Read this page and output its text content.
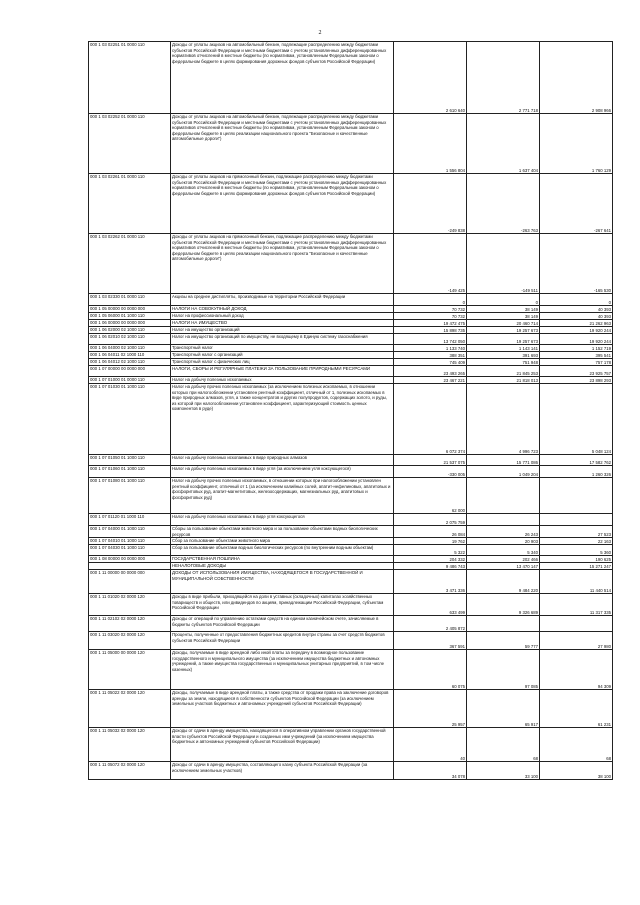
2
000 1 03 02251 01 0000 110	Доходы от уплаты акцизов на автомобильный бензин, подлежащие распределению между бюджетами субъектов Российской Федерации и местными бюджетами с учетом установленных дифференцированных нормативов отчислений в местные бюджеты (по нормативам, установленным Федеральным законом о федеральном бюджете в целях формирования дорожных фондов субъектов Российской Федерации)	2 610 640	2 771 718	2 908 966
000 1 03 02252 01 0000 110	Доходы от уплаты акцизов на автомобильный бензин, подлежащие распределению между бюджетами субъектов Российской Федерации и местными бюджетами с учетом установленных дифференцированных нормативов отчислений в местные бюджеты (по нормативам, установленным Федеральным законом о федеральном бюджете в целях реализации национального проекта "Безопасные и качественные автомобильные дороги")	1 556 804	1 637 404	1 760 129
000 1 03 02261 01 0000 110	Доходы от уплаты акцизов на прямогонный бензин, подлежащие распределению между бюджетами субъектов Российской Федерации и местными бюджетами с учетом установленных дифференцированных нормативов отчислений в местные бюджеты (по нормативам, установленным Федеральным законом о федеральном бюджете в целях формирования дорожных фондов субъектов Российской Федерации)	-249 838	-263 763	-267 641
000 1 03 02262 01 0000 110	Доходы от уплаты акцизов на прямогонный бензин, подлежащие распределению между бюджетами субъектов Российской Федерации и местными бюджетами с учетом установленных дифференцированных нормативов отчислений в местные бюджеты (по нормативам, установленным Федеральным законом о федеральном бюджете в целях реализации национального проекта "Безопасные и качественные автомобильные дороги")	-149 425	-149 511	-165 530
000 1 03 02330 01 0000 110	Акцизы на среднее дистилляты, производимые на территории Российской Федерации	0	0	0
000 1 05 00000 00 0000 000	НАЛОГИ НА СОВОКУПНЫЙ ДОХОД	70 732	38 149	40 393
000 1 05 06000 01 1000 110	Налог на профессиональный доход	70 732	38 149	40 393
000 1 06 00000 00 0000 000	НАЛОГИ НА ИМУЩЕСТВО	19 472 475	20 460 714	21 262 963
000 1 06 02000 02 1000 110	Налог на имущество организаций	15 898 735	19 257 673	19 920 244
000 1 06 02010 02 1000 110	Налог на имущество организаций по имуществу, не входящему в Единую систему газоснабжения	13 742 050	19 257 673	19 920 244
000 1 06 04000 02 1000 110	Транспортный налог	1 133 740	1 143 141	1 152 719
000 1 06 04011 02 1000 110	Транспортный налог с организаций	388 351	391 693	395 541
000 1 06 04012 02 1000 110	Транспортный налог с физических лиц	745 409	751 948	757 178
000 1 07 00000 00 0000 000	НАЛОГИ, СБОРЫ И РЕГУЛЯРНЫЕ ПЛАТЕЖИ ЗА ПОЛЬЗОВАНИЕ ПРИРОДНЫМИ РЕСУРСАМИ	23 493 265	21 845 253	23 925 757
000 1 07 01000 01 0000 110	Налог на добычу полезных ископаемых	23 467 221	21 818 013	23 898 293
000 1 07 01030 01 1000 110	Налог на добычу прочих полезных ископаемых (за исключением полезных ископаемых, в отношении которых при налогообложении установлен рентный коэффициент, отличный от 1, полезных ископаемых в виде природных алмазов, угля, а также концентратов и других полупродуктов, содержащих золото, и руды, из которой при налогообложении установлен коэффициент, характеризующий стоимость ценных компонентов в руде)	6 072 374	4 996 723	5 048 124
000 1 07 01050 01 1000 110	Налог на добычу полезных ископаемых в виде природных алмазов	21 537 075	15 771 086	17 582 762
000 1 07 01060 01 1000 110	Налог на добычу полезных ископаемых в виде угля (за исключением угля коксующегося)	-330 005	1 049 204	1 260 326
000 1 07 01080 01 1000 110	Налог на добычу прочих полезных ископаемых, в отношении которых при налогообложении установлен рентный коэффициент, отличный от 1 (за исключением калийных солей, апатит-нефелиновых, апатитовых и фосфоритовых руд, апатит-магнетитовых, железосодержащих, магнезиальных руд, апатитовых и фосфоритовых руд)	62 000		
000 1 07 01120 01 1000 110	Налог на добычу полезных ископаемых в виде угля коксующегося	2 075 759		
000 1 07 04000 01 1000 110	Сборы за пользование объектами животного мира и за пользование объектами водных биологических ресурсов	26 084	26 243	27 523
000 1 07 04010 01 1000 110	Сбор за пользование объектами животного мира	19 762	20 903	22 163
000 1 07 04030 01 1000 110	Сбор за пользование объектами водных биологических ресурсов (по внутренним водным объектам)	5 322	5 340	5 360
000 1 08 00000 00 0000 000	ГОСУДАРСТВЕННАЯ ПОШЛИНА	204 332	202 466	190 625
	НЕНАЛОГОВЫЕ ДОХОДЫ	9 486 743	13 470 147	15 271 247
000 1 11 00000 00 0000 000	ДОХОДЫ ОТ ИСПОЛЬЗОВАНИЯ ИМУЩЕСТВА, НАХОДЯЩЕГОСЯ В ГОСУДАРСТВЕННОЙ И МУНИЦИПАЛЬНОЙ СОБСТВЕННОСТИ	3 471 336	9 484 220	11 440 514
000 1 11 01020 02 0000 120	Доходы в виде прибыли, приходящейся на доли в уставных (складочных) капиталах хозяйственных товариществ и обществ, или дивидендов по акциям, принадлежащим Российской Федерации, субъектам Российской Федерации	633 499	9 326 689	11 317 335
000 1 11 02102 02 0000 120	Доходы от операций по управлению остатками средств на едином казначейском счете, зачисляемые в бюджеты субъектов Российской Федерации	2 405 872		
000 1 11 03020 02 0000 120	Проценты, полученные от предоставления бюджетных кредитов внутри страны за счет средств бюджетов субъектов Российской Федерации	367 591	59 777	27 980
000 1 11 05000 00 0000 120	Доходы, получаемые в виде арендной либо иной платы за передачу в возмездное пользование государственного и муниципального имущества (за исключением имущества бюджетных и автономных учреждений, а также имущества государственных и муниципальных унитарных предприятий, в том числе казенных)	60 075	97 085	94 309
000 1 11 05022 02 0000 120	Доходы, получаемые в виде арендной платы, а также средства от продажи права на заключение договоров аренды за земли, находящиеся в собственности субъектов Российской Федерации (за исключением земельных участков бюджетных и автономных учреждений субъектов Российской Федерации)	25 957	65 917	61 231
000 1 11 05032 02 0000 120	Доходы от сдачи в аренду имущества, находящегося в оперативном управлении органов государственной власти субъектов Российской Федерации и созданных ими учреждений (за исключением имущества бюджетных и автономных учреждений субъектов Российской Федерации)	40	68	68
000 1 11 05072 02 0000 120	Доходы от сдачи в аренду имущества, составляющего казну субъекта Российской Федерации (за исключением земельных участков)	34 078	33 100	38 100
